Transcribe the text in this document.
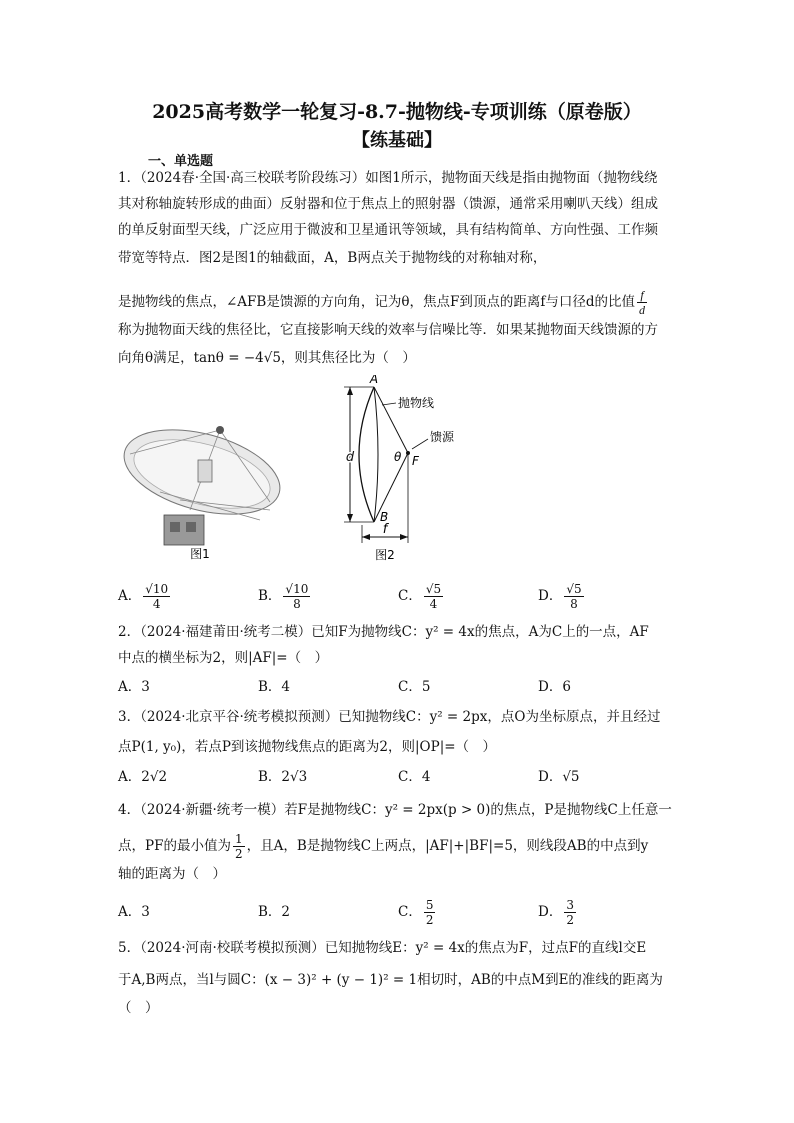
2025高考数学一轮复习-8.7-抛物线-专项训练（原卷版）
【练基础】
一、单选题
1．（2024春·全国·高三校联考阶段练习）如图1所示，抛物面天线是指由抛物面（抛物线绕
其对称轴旋转形成的曲面）反射器和位于焦点上的照射器（馈源，通常采用喇叭天线）组成
的单反射面型天线，广泛应用于微波和卫星通讯等领域，具有结构简单、方向性强、工作频
带宽等特点．图2是图1的轴截面，A，B两点关于抛物线的对称轴对称，
是抛物线的焦点，∠AFB是馈源的方向角，记为θ，焦点F到顶点的距离f与口径d的比值 $\frac{f}{d}$
称为抛物面天线的焦径比，它直接影响天线的效率与信噪比等．如果某抛物面天线馈源的方
向角θ满足，tanθ = −4√5，则其焦径比为（　）
图1
d
f
A
B
F
θ
抛物线
馈源
图2
A． $\frac{√10}{4}$	B． $\frac{√10}{8}$	C． $\frac{√5}{4}$	D． $\frac{√5}{8}$
2．（2024·福建莆田·统考二模）已知F为抛物线C：y² = 4x的焦点，A为C上的一点，AF
中点的横坐标为2，则|AF|=（　）
A．3	B．4	C．5	D．6
3．（2024·北京平谷·统考模拟预测）已知抛物线C：y² = 2px，点O为坐标原点，并且经过
点P(1, y₀)，若点P到该抛物线焦点的距离为2，则|OP|=（　）
A．2√2	B．2√3	C．4	D．√5
4．（2024·新疆·统考一模）若F是抛物线C：y² = 2px(p > 0)的焦点，P是抛物线C上任意一
点，PF的最小值为 $\frac{1}{2}$ ，且A，B是抛物线C上两点，|AF|+|BF|=5，则线段AB的中点到y
轴的距离为（　）
A．3	B．2	C． $\frac{5}{2}$	D． $\frac{3}{2}$
5．（2024·河南·校联考模拟预测）已知抛物线E：y² = 4x的焦点为F，过点F的直线l交E
于A,B两点，当l与圆C：(x − 3)² + (y − 1)² = 1相切时，AB的中点M到E的准线的距离为
（　）
